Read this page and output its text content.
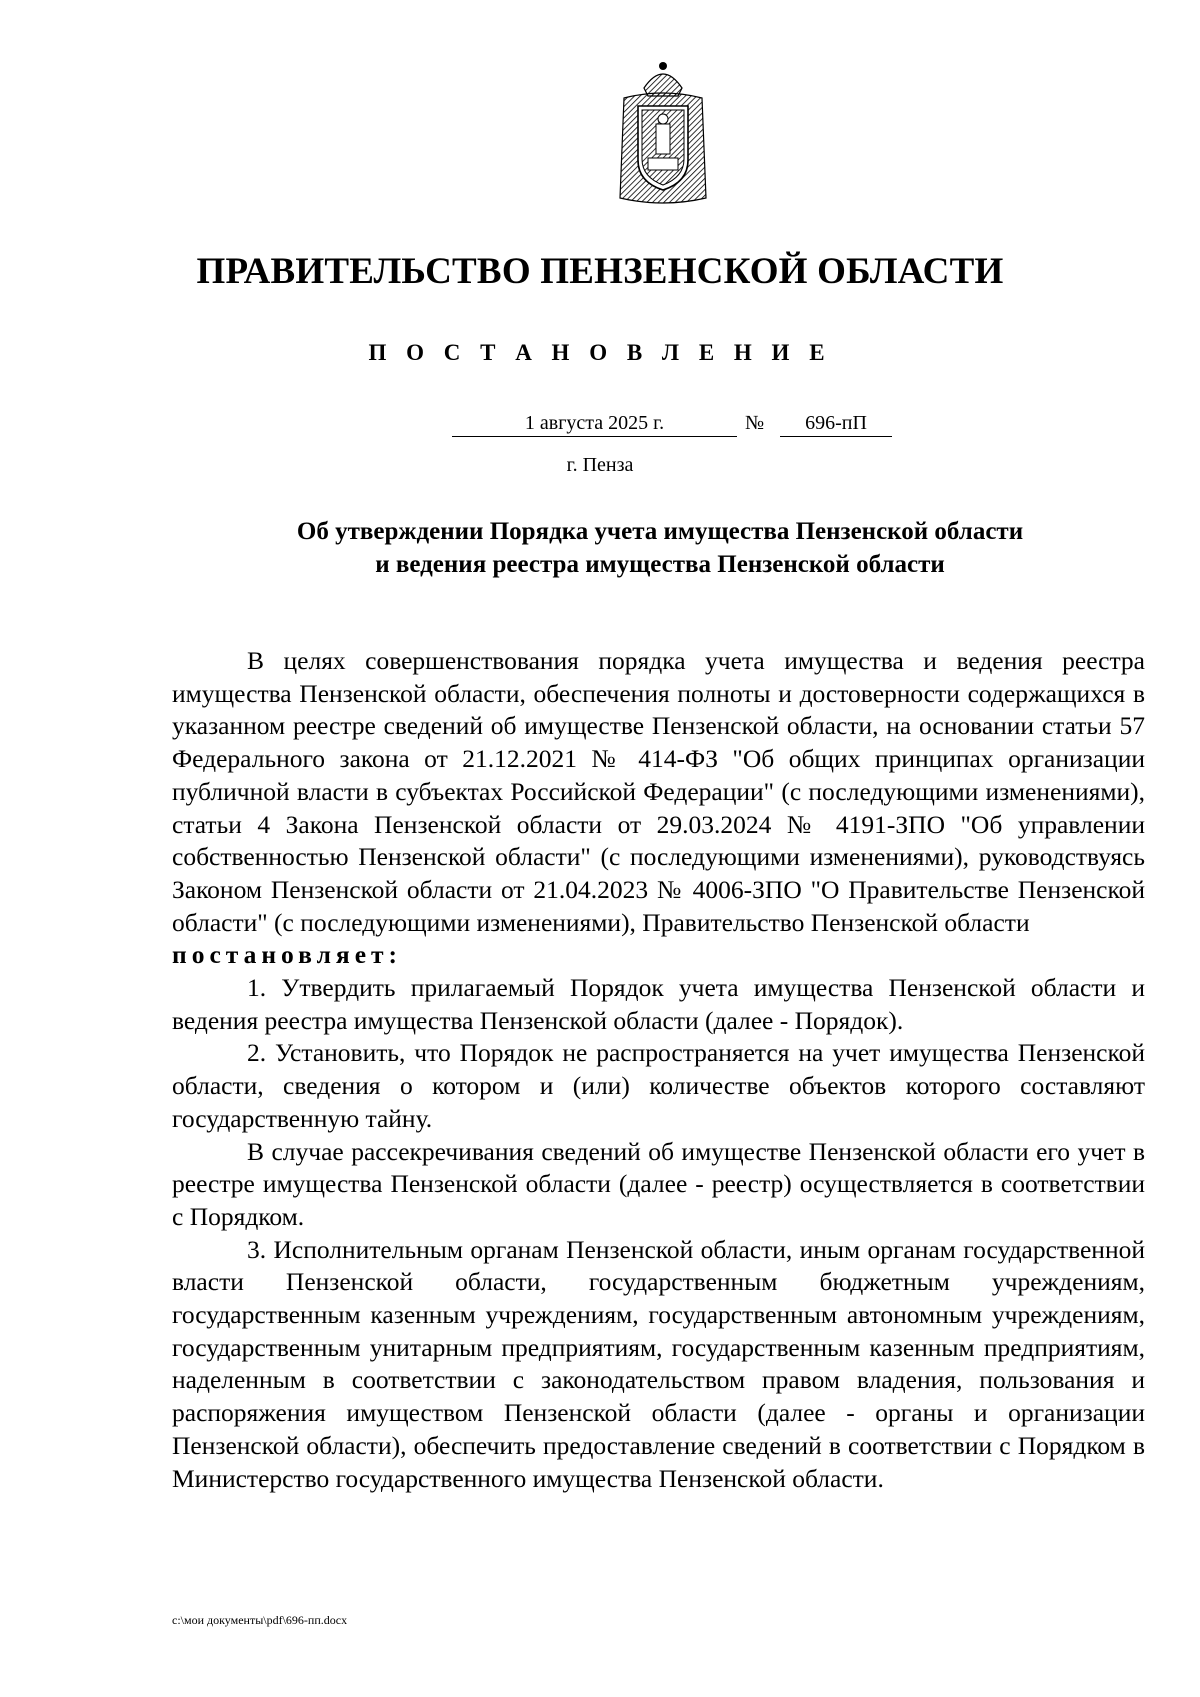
ПРАВИТЕЛЬСТВО ПЕНЗЕНСКОЙ ОБЛАСТИ
П О С Т А Н О В Л Е Н И Е
1 августа 2025 г.	№	696-пП
г. Пенза
Об утверждении Порядка учета имущества Пензенской области
и ведения реестра имущества Пензенской области

В целях совершенствования порядка учета имущества и ведения реестра имущества Пензенской области, обеспечения полноты и достоверности содержащихся в указанном реестре сведений об имуществе Пензенской области, на основании статьи 57 Федерального закона от 21.12.2021 № 414-ФЗ "Об общих принципах организации публичной власти в субъектах Российской Федерации" (с последующими изменениями), статьи 4 Закона Пензенской области от 29.03.2024 № 4191-ЗПО "Об управлении собственностью Пензенской области" (с последующими изменениями), руководствуясь Законом Пензенской области от 21.04.2023 № 4006-ЗПО "О Правительстве Пензенской области" (с последующими изменениями), Правительство Пензенской области

постановляет:

1. Утвердить прилагаемый Порядок учета имущества Пензенской области и ведения реестра имущества Пензенской области (далее - Порядок).

2. Установить, что Порядок не распространяется на учет имущества Пензенской области, сведения о котором и (или) количестве объектов которого составляют государственную тайну.

В случае рассекречивания сведений об имуществе Пензенской области его учет в реестре имущества Пензенской области (далее - реестр) осуществляется в соответствии с Порядком.

3. Исполнительным органам Пензенской области, иным органам государственной власти Пензенской области, государственным бюджетным учреждениям, государственным казенным учреждениям, государственным автономным учреждениям, государственным унитарным предприятиям, государственным казенным предприятиям, наделенным в соответствии с законодательством правом владения, пользования и распоряжения имуществом Пензенской области (далее - органы и организации Пензенской области), обеспечить предоставление сведений в соответствии с Порядком в Министерство государственного имущества Пензенской области.

c:\мои документы\pdf\696-пп.docx
